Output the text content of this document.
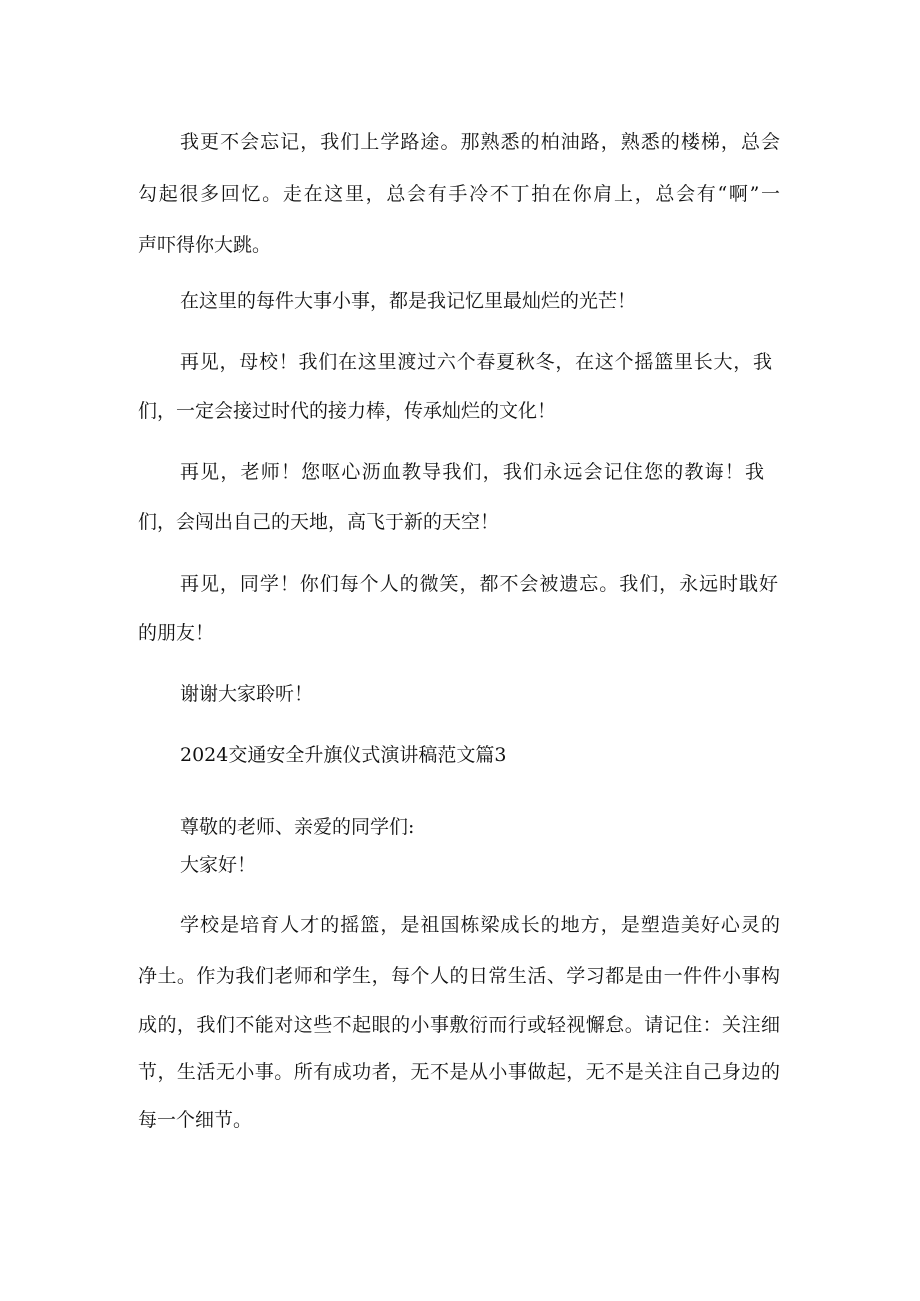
我更不会忘记，我们上学路途。那熟悉的柏油路，熟悉的楼梯，总会
勾起很多回忆。走在这里，总会有手冷不丁拍在你肩上，总会有“啊”一
声吓得你大跳。
在这里的每件大事小事，都是我记忆里最灿烂的光芒！
再见，母校！我们在这里渡过六个春夏秋冬，在这个摇篮里长大，我
们，一定会接过时代的接力棒，传承灿烂的文化！
再见，老师！您呕心沥血教导我们，我们永远会记住您的教诲！我
们，会闯出自己的天地，高飞于新的天空！
再见，同学！你们每个人的微笑，都不会被遗忘。我们，永远时戢好
的朋友！
谢谢大家聆听！
2024交通安全升旗仪式演讲稿范文篇3
尊敬的老师、亲爱的同学们:
大家好！
学校是培育人才的摇篮，是祖国栋梁成长的地方，是塑造美好心灵的
净土。作为我们老师和学生，每个人的日常生活、学习都是由一件件小事构
成的，我们不能对这些不起眼的小事敷衍而行或轻视懈怠。请记住：关注细
节，生活无小事。所有成功者，无不是从小事做起，无不是关注自己身边的
每一个细节。
